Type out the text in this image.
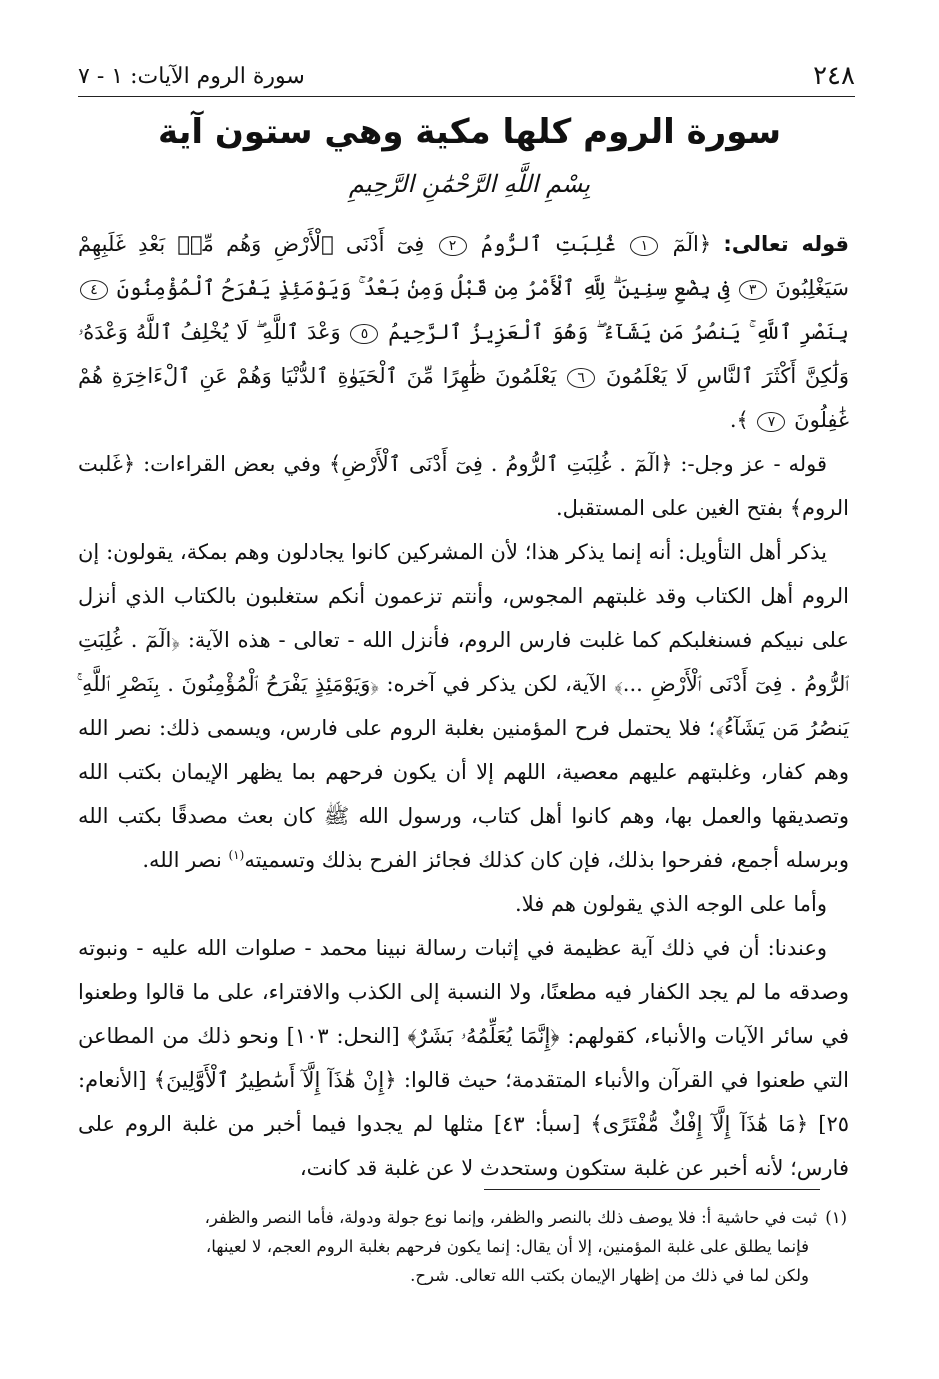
٢٤٨
سورة الروم الآيات: ١ - ٧
سورة الروم كلها مكية وهي ستون آية
بِسْمِ اللَّهِ الرَّحْمَٰنِ الرَّحِيمِ

قوله تعالى: ﴿الٓمٓ ١ غُلِبَتِ ٱلرُّومُ ٢ فِىٓ أَدْنَى ٱلْأَرْضِ وَهُم مِّنۢ بَعْدِ غَلَبِهِمْ سَيَغْلِبُونَ ٣ فِى بِضْعِ سِنِينَ ۗ لِلَّهِ ٱلْأَمْرُ مِن قَبْلُ وَمِنۢ بَعْدُ ۚ وَيَوْمَئِذٍ يَفْرَحُ ٱلْمُؤْمِنُونَ ٤ بِنَصْرِ ٱللَّهِ ۚ يَنصُرُ مَن يَشَآءُ ۖ وَهُوَ ٱلْعَزِيزُ ٱلرَّحِيمُ ٥ وَعْدَ ٱللَّهِ ۖ لَا يُخْلِفُ ٱللَّهُ وَعْدَهُۥ وَلَٰكِنَّ أَكْثَرَ ٱلنَّاسِ لَا يَعْلَمُونَ ٦ يَعْلَمُونَ ظَٰهِرًا مِّنَ ٱلْحَيَوٰةِ ٱلدُّنْيَا وَهُمْ عَنِ ٱلْءَاخِرَةِ هُمْ غَٰفِلُونَ ٧ ﴾.

قوله - عز وجل-: ﴿الٓمٓ . غُلِبَتِ ٱلرُّومُ . فِىٓ أَدْنَى ٱلْأَرْضِ﴾ وفي بعض القراءات: ﴿غَلبت الروم﴾ بفتح الغين على المستقبل.

يذكر أهل التأويل: أنه إنما يذكر هذا؛ لأن المشركين كانوا يجادلون وهم بمكة، يقولون: إن الروم أهل الكتاب وقد غلبتهم المجوس، وأنتم تزعمون أنكم ستغلبون بالكتاب الذي أنزل على نبيكم فسنغلبكم كما غلبت فارس الروم، فأنزل الله - تعالى - هذه الآية: ﴿الٓمٓ . غُلِبَتِ ٱلرُّومُ . فِىٓ أَدْنَى ٱلْأَرْضِ ...﴾ الآية، لكن يذكر في آخره: ﴿وَيَوْمَئِذٍ يَفْرَحُ ٱلْمُؤْمِنُونَ . بِنَصْرِ ٱللَّهِ ۚ يَنصُرُ مَن يَشَآءُ﴾؛ فلا يحتمل فرح المؤمنين بغلبة الروم على فارس، ويسمى ذلك: نصر الله وهم كفار، وغلبتهم عليهم معصية، اللهم إلا أن يكون فرحهم بما يظهر الإيمان بكتب الله وتصديقها والعمل بها، وهم كانوا أهل كتاب، ورسول الله ﷺ كان بعث مصدقًا بكتب الله وبرسله أجمع، ففرحوا بذلك، فإن كان كذلك فجائز الفرح بذلك وتسميته$^{(١)}$ نصر الله.

وأما على الوجه الذي يقولون هم فلا.

وعندنا: أن في ذلك آية عظيمة في إثبات رسالة نبينا محمد - صلوات الله عليه - ونبوته وصدقه ما لم يجد الكفار فيه مطعنًا، ولا النسبة إلى الكذب والافتراء، على ما قالوا وطعنوا في سائر الآيات والأنباء، كقولهم: ﴿إِنَّمَا يُعَلِّمُهُۥ بَشَرٌ﴾ [النحل: ١٠٣] ونحو ذلك من المطاعن التي طعنوا في القرآن والأنباء المتقدمة؛ حيث قالوا: ﴿إِنْ هَٰذَآ إِلَّآ أَسَٰطِيرُ ٱلْأَوَّلِينَ﴾ [الأنعام: ٢٥] ﴿مَا هَٰذَآ إِلَّآ إِفْكٌ مُّفْتَرًى﴾ [سبأ: ٤٣] مثلها لم يجدوا فيما أخبر من غلبة الروم على فارس؛ لأنه أخبر عن غلبة ستكون وستحدث لا عن غلبة قد كانت،

(١)ثبت في حاشية أ: فلا يوصف ذلك بالنصر والظفر، وإنما نوع جولة ودولة، فأما النصر والظفر،

فإنما يطلق على غلبة المؤمنين، إلا أن يقال: إنما يكون فرحهم بغلبة الروم العجم، لا لعينها،

ولكن لما في ذلك من إظهار الإيمان بكتب الله تعالى. شرح.
